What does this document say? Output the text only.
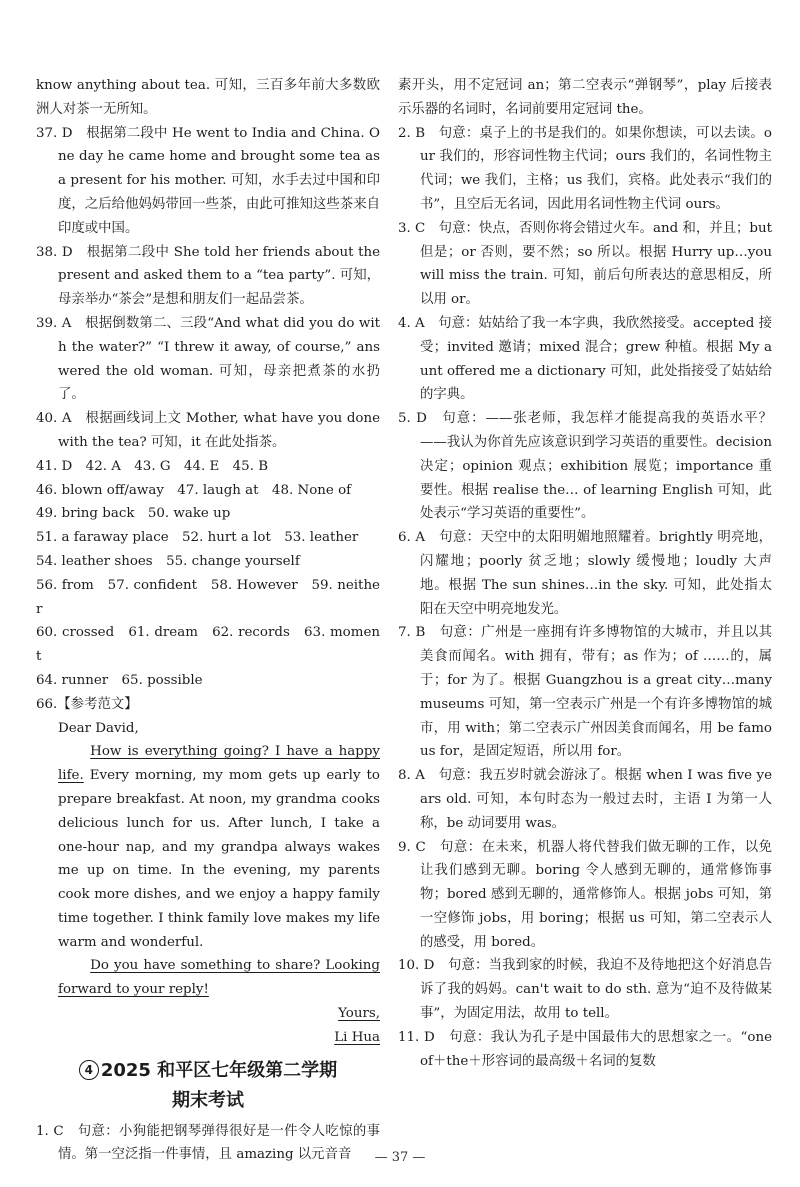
know anything about tea. 可知，三百多年前大多数欧洲人对茶一无所知。

37. D　根据第二段中 He went to India and China. One day he came home and brought some tea as a present for his mother. 可知，水手去过中国和印度，之后给他妈妈带回一些茶，由此可推知这些茶来自印度或中国。

38. D　根据第二段中 She told her friends about the present and asked them to a “tea party”. 可知，母亲举办“茶会”是想和朋友们一起品尝茶。

39. A　根据倒数第二、三段“And what did you do with the water?” “I threw it away, of course,” answered the old woman. 可知，母亲把煮茶的水扔了。

40. A　根据画线词上文 Mother, what have you done with the tea? 可知，it 在此处指茶。

41. D　42. A　43. G　44. E　45. B

46. blown off/away　47. laugh at　48. None of

49. bring back　50. wake up

51. a faraway place　52. hurt a lot　53. leather

54. leather shoes　55. change yourself

56. from　57. confident　58. However　59. neither

60. crossed　61. dream　62. records　63. moment

64. runner　65. possible

66.【参考范文】

Dear David,

How is everything going? I have a happy life. Every morning, my mom gets up early to prepare breakfast. At noon, my grandma cooks delicious lunch for us. After lunch, I take a one-hour nap, and my grandpa always wakes me up on time. In the evening, my parents cook more dishes, and we enjoy a happy family time together. I think family love makes my life warm and wonderful.

Do you have something to share? Looking forward to your reply!

Yours,

Li Hua

4 2025 和平区七年级第二学期
期末考试

1. C　句意：小狗能把钢琴弹得很好是一件令人吃惊的事情。第一空泛指一件事情，且 amazing 以元音音

素开头，用不定冠词 an；第二空表示“弹钢琴”，play 后接表示乐器的名词时，名词前要用定冠词 the。

2. B　句意：桌子上的书是我们的。如果你想读，可以去读。our 我们的，形容词性物主代词；ours 我们的，名词性物主代词；we 我们，主格；us 我们，宾格。此处表示“我们的书”，且空后无名词，因此用名词性物主代词 ours。

3. C　句意：快点，否则你将会错过火车。and 和，并且；but 但是；or 否则，要不然；so 所以。根据 Hurry up…you will miss the train. 可知，前后句所表达的意思相反，所以用 or。

4. A　句意：姑姑给了我一本字典，我欣然接受。accepted 接受；invited 邀请；mixed 混合；grew 种植。根据 My aunt offered me a dictionary 可知，此处指接受了姑姑给的字典。

5. D　句意：——张老师，我怎样才能提高我的英语水平？——我认为你首先应该意识到学习英语的重要性。decision 决定；opinion 观点；exhibition 展览；importance 重要性。根据 realise the… of learning English 可知，此处表示“学习英语的重要性”。

6. A　句意：天空中的太阳明媚地照耀着。brightly 明亮地，闪耀地；poorly 贫乏地；slowly 缓慢地；loudly 大声地。根据 The sun shines…in the sky. 可知，此处指太阳在天空中明亮地发光。

7. B　句意：广州是一座拥有许多博物馆的大城市，并且以其美食而闻名。with 拥有，带有；as 作为；of ……的，属于；for 为了。根据 Guangzhou is a great city…many museums 可知，第一空表示广州是一个有许多博物馆的城市，用 with；第二空表示广州因美食而闻名，用 be famous for，是固定短语，所以用 for。

8. A　句意：我五岁时就会游泳了。根据 when I was five years old. 可知，本句时态为一般过去时，主语 I 为第一人称，be 动词要用 was。

9. C　句意：在未来，机器人将代替我们做无聊的工作，以免让我们感到无聊。boring 令人感到无聊的，通常修饰事物；bored 感到无聊的，通常修饰人。根据 jobs 可知，第一空修饰 jobs，用 boring；根据 us 可知，第二空表示人的感受，用 bored。

10. D　句意：当我到家的时候，我迫不及待地把这个好消息告诉了我的妈妈。can't wait to do sth. 意为“迫不及待做某事”，为固定用法，故用 to tell。

11. D　句意：我认为孔子是中国最伟大的思想家之一。“one of＋the＋形容词的最高级＋名词的复数

— 37 —
